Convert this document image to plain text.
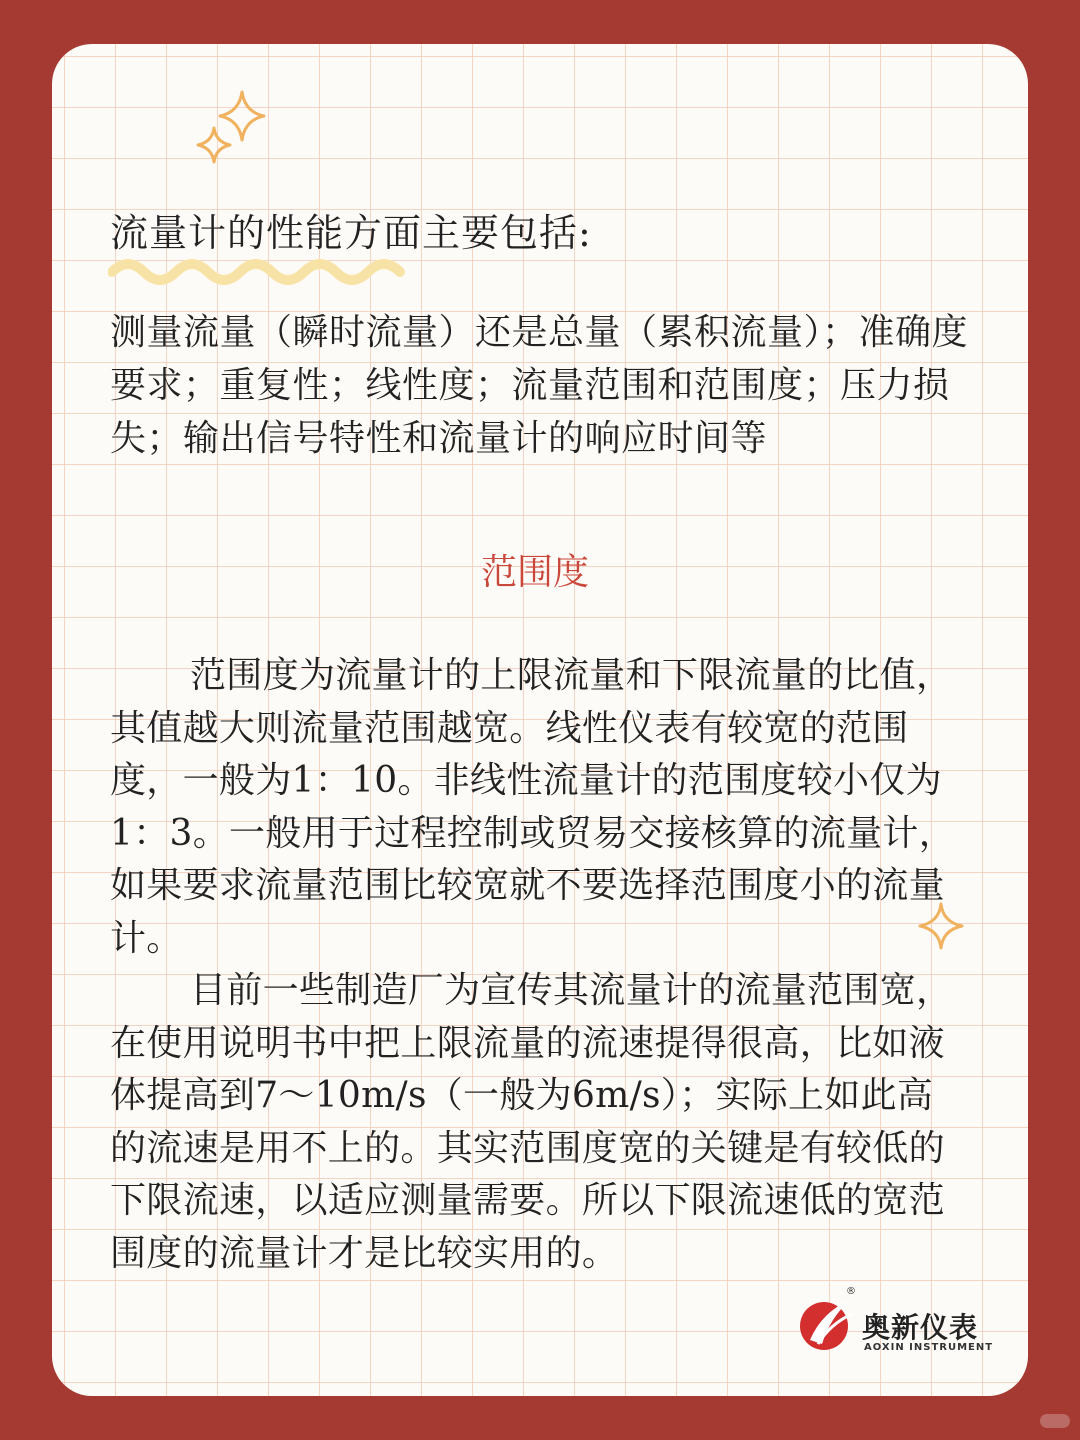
流量计的性能方面主要包括:

测量流量（瞬时流量）还是总量（累积流量）；准确度要求；重复性；线性度；流量范围和范围度；压力损失；输出信号特性和流量计的响应时间等

范围度

范围度为流量计的上限流量和下限流量的比值，其值越大则流量范围越宽。线性仪表有较宽的范围度，一般为1：10。非线性流量计的范围度较小仅为1：3。一般用于过程控制或贸易交接核算的流量计，如果要求流量范围比较宽就不要选择范围度小的流量计。

目前一些制造厂为宣传其流量计的流量范围宽，在使用说明书中把上限流量的流速提得很高，比如液体提高到7～10m/s（一般为6m/s）；实际上如此高的流速是用不上的。其实范围度宽的关键是有较低的下限流速，以适应测量需要。所以下限流速低的宽范围度的流量计才是比较实用的。

®
奥新仪表
AOXIN INSTRUMENT
